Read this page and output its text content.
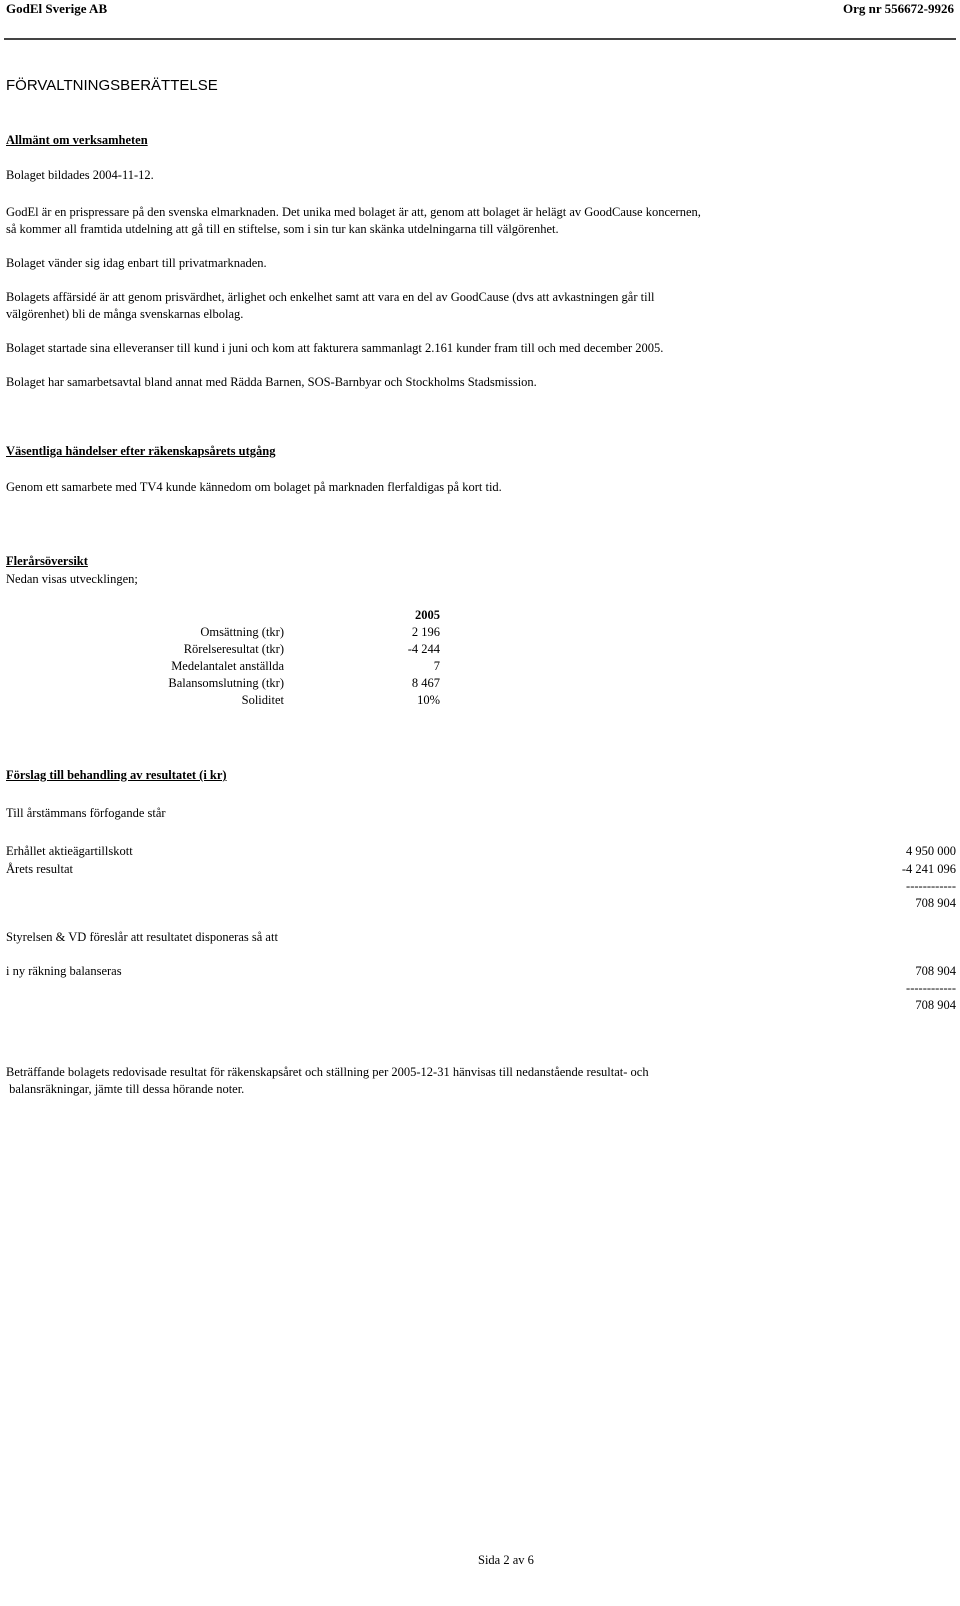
GodEl Sverige AB	Org nr 556672-9926
FÖRVALTNINGSBERÄTTELSE
Allmänt om verksamheten
Bolaget bildades 2004-11-12.
GodEl är en prispressare på den svenska elmarknaden. Det unika med bolaget är att, genom att bolaget är helägt av GoodCause koncernen,
så kommer all framtida utdelning att gå till en stiftelse, som i sin tur kan skänka utdelningarna till välgörenhet.
Bolaget vänder sig idag enbart till privatmarknaden.
Bolagets affärsidé är att genom prisvärdhet, ärlighet och enkelhet samt att vara en del av GoodCause (dvs att avkastningen går till
välgörenhet) bli de många svenskarnas elbolag.
Bolaget startade sina elleveranser till kund i juni och kom att fakturera sammanlagt 2.161 kunder fram till och med december 2005.
Bolaget har samarbetsavtal bland annat med Rädda Barnen, SOS-Barnbyar och Stockholms Stadsmission.
Väsentliga händelser efter räkenskapsårets utgång
Genom ett samarbete med TV4 kunde kännedom om bolaget på marknaden flerfaldigas på kort tid.
Flerårsöversikt
Nedan visas utvecklingen;
2005
Omsättning (tkr)	2 196
Rörelseresultat (tkr)	-4 244
Medelantalet anställda	7
Balansomslutning (tkr)	8 467
Soliditet	10%
Förslag till behandling av resultatet (i kr)
Till årstämmans förfogande står
Erhållet aktieägartillskott	4 950 000
Årets resultat	-4 241 096
------------
708 904
Styrelsen & VD föreslår att resultatet disponeras så att
i ny räkning balanseras	708 904
------------
708 904
Beträffande bolagets redovisade resultat för räkenskapsåret och ställning per 2005-12-31 hänvisas till nedanstående resultat- och
balansräkningar, jämte till dessa hörande noter.
Sida 2 av 6
